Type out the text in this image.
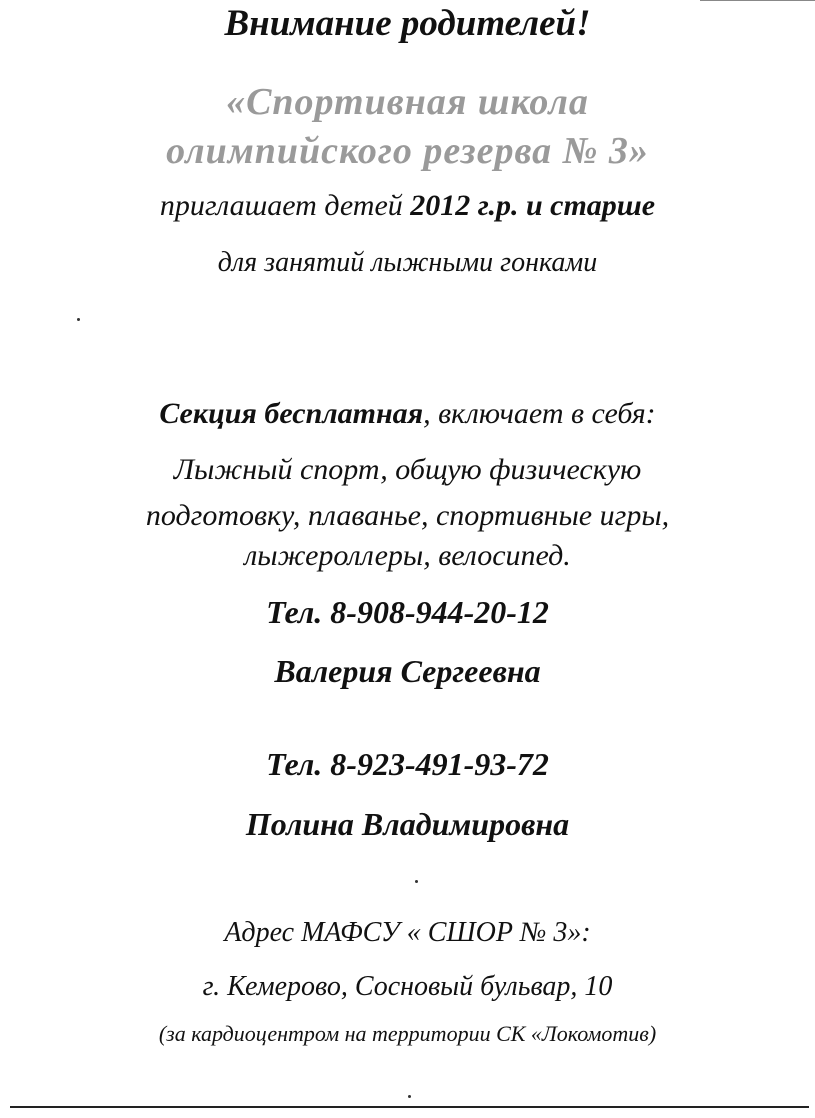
Внимание родителей!
«Спортивная школа
олимпийского резерва № 3»
приглашает детей 2012 г.р. и старше
для занятий лыжными гонками
Секция бесплатная, включает в себя:
Лыжный спорт, общую физическую
подготовку, плаванье, спортивные игры,
лыжероллеры, велосипед.
Тел. 8-908-944-20-12
Валерия Сергеевна
Тел. 8-923-491-93-72
Полина Владимировна
Адрес МАФСУ « СШОР № 3»:
г. Кемерово, Сосновый бульвар, 10
(за кардиоцентром на территории СК «Локомотив)
